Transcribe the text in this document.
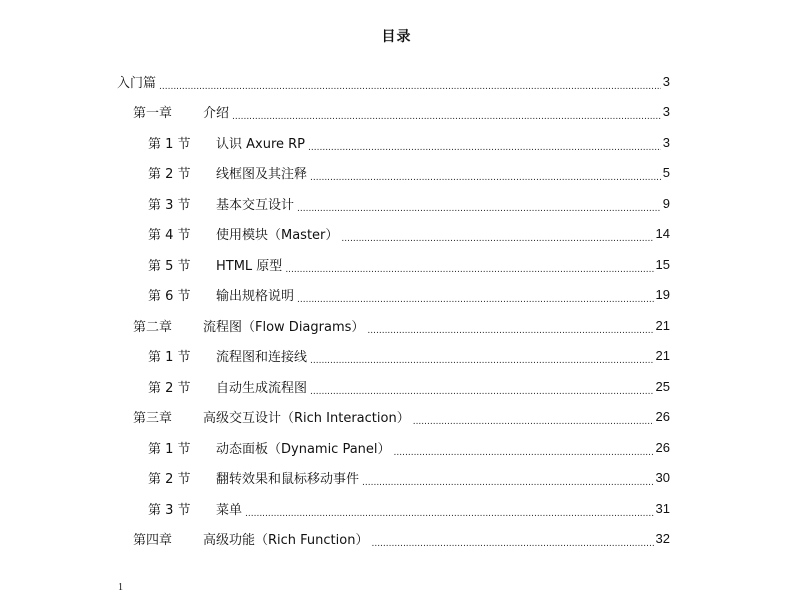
目录
入门篇 .....	3
第一章	介绍 .....	3
第 1 节	认识 Axure RP .....	3
第 2 节	线框图及其注释 .....	5
第 3 节	基本交互设计 .....	9
第 4 节	使用模块（Master） .....	14
第 5 节	HTML 原型 .....	15
第 6 节	输出规格说明 .....	19
第二章	流程图（Flow Diagrams） .....	21
第 1 节	流程图和连接线 .....	21
第 2 节	自动生成流程图 .....	25
第三章	高级交互设计（Rich Interaction） .....	26
第 1 节	动态面板（Dynamic Panel） .....	26
第 2 节	翻转效果和鼠标移动事件 .....	30
第 3 节	菜单 .....	31
第四章	高级功能（Rich Function） .....	32
1
